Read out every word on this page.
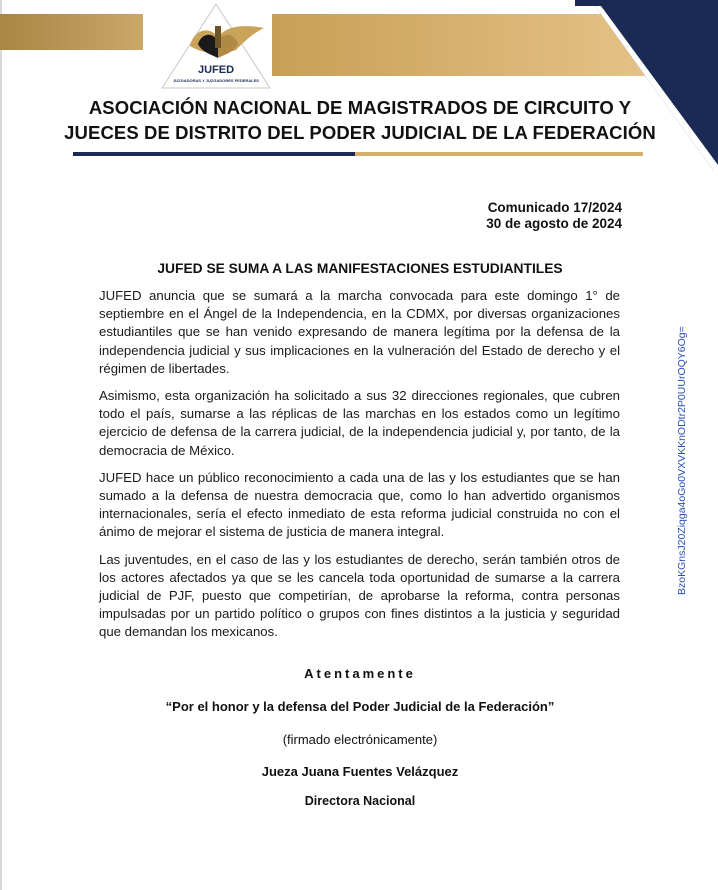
JUFED
JUZGADORAS Y JUZGADORES FEDERALES
ASOCIACIÓN NACIONAL DE MAGISTRADOS DE CIRCUITO Y
JUECES DE DISTRITO DEL PODER JUDICIAL DE LA FEDERACIÓN
Comunicado 17/2024
30 de agosto de 2024
JUFED SE SUMA A LAS MANIFESTACIONES ESTUDIANTILES

JUFED anuncia que se sumará a la marcha convocada para este domingo 1° de septiembre en el Ángel de la Independencia, en la CDMX, por diversas organizaciones estudiantiles que se han venido expresando de manera legítima por la defensa de la independencia judicial y sus implicaciones en la vulneración del Estado de derecho y el régimen de libertades.

Asimismo, esta organización ha solicitado a sus 32 direcciones regionales, que cubren todo el país, sumarse a las réplicas de las marchas en los estados como un legítimo ejercicio de defensa de la carrera judicial, de la independencia judicial y, por tanto, de la democracia de México.

JUFED hace un público reconocimiento a cada una de las y los estudiantes que se han sumado a la defensa de nuestra democracia que, como lo han advertido organismos internacionales, sería el efecto inmediato de esta reforma judicial construida no con el ánimo de mejorar el sistema de justicia de manera integral.

Las juventudes, en el caso de las y los estudiantes de derecho, serán también otros de los actores afectados ya que se les cancela toda oportunidad de sumarse a la carrera judicial de PJF, puesto que competirían, de aprobarse la reforma, contra personas impulsadas por un partido político o grupos con fines distintos a la justicia y seguridad que demandan los mexicanos.

Atentamente
“Por el honor y la defensa del Poder Judicial de la Federación”
(firmado electrónicamente)
Jueza Juana Fuentes Velázquez
Directora Nacional
BzoKGnsJ20Ziqga4oGo0VXVKKnODtr2P0UUrOQY6Og=
